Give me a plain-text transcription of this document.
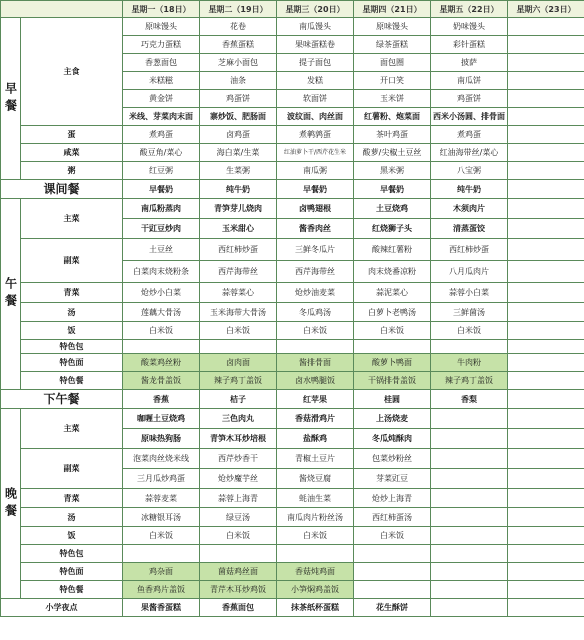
		星期一（18日）	星期二（19日）	星期三（20日）	星期四（21日）	星期五（22日）	星期六（23日）	
早餐	主食	原味馒头	花卷	南瓜馒头	原味馒头	奶味馒头		
		巧克力蛋糕	香蕉蛋糕	果味蛋糕卷	绿茶蛋糕	彩针蛋糕		
		香葱面包	芝麻小面包	提子面包	面包圈	披萨		
		米糕糍	油条	发糕	开口笑	南瓜饼		
		黄金饼	鸡蛋饼	软面饼	玉米饼	鸡蛋饼		
		米线、芽菜肉末面	寨炒饭、肥肠面	波纹面、肉丝面	红薯粉、炮菜面	西米小汤圆、排骨面		
	蛋	煮鸡蛋	卤鸡蛋	煮鹌鹑蛋	茶叶鸡蛋	煮鸡蛋		
	咸菜	酸豆角/菜心	海白菜/生菜	红油萝卜干/西芹花生米	酸萝/尖椒土豆丝	红油海带丝/菜心		
	粥	红豆粥	生菜粥	南瓜粥	黑米粥	八宝粥		
课间餐		早餐奶	纯牛奶	早餐奶	早餐奶	纯牛奶		
午餐	主菜	南瓜粉蒸肉	青笋芽儿烧肉	卤鸭翅根	土豆烧鸡	木须肉片		
		干豇豆炒肉	玉米甜心	酱香肉丝	红烧狮子头	清蒸蛋饺		
	副菜	土豆丝	西红柿炒蛋	三鲜冬瓜片	酸辣红薯粉	西红柿炒蛋		
		白菜肉末烧粉条	西芹海带丝	西芹海带丝	肉末烧番凉粉	八月瓜肉片		
	青菜	炝炒小白菜	蒜蓉菜心	炝炒油麦菜	蒜泥菜心	蒜蓉小白菜		
	汤	莲藕大骨汤	玉米海带大骨汤	冬瓜鸡汤	白萝卜老鸭汤	三鲜菌汤		
	饭	白米饭	白米饭	白米饭	白米饭	白米饭		
	特色包							
	特色面	酸菜鸡丝粉	卤肉面	酱排骨面	酸萝卜鸭面	牛肉粉		
	特色餐	酱龙骨盖饭	辣子鸡丁盖饭	卤水鸭腿饭	干锅排骨盖饭	辣子鸡丁盖饭		
下午餐		香蕉	桔子	红苹果	桂圆	香梨		
晚餐	主菜	咖喱土豆烧鸡	三色肉丸	香菇滑鸡片	上汤烧麦			
		原味热狗肠	青笋木耳炒培根	盐酥鸡	冬瓜炖酥肉			
	副菜	泡菜肉丝烧米线	西芹炒香干	青椒土豆片	包菜炒粉丝			
		三月瓜炒鸡蛋	炝炒魔芋丝	酱烧豆腐	芽菜豇豆			
	青菜	蒜蓉麦菜	蒜蓉上海青	蚝油生菜	炝炒上海青			
	汤	冰糖银耳汤	绿豆汤	南瓜肉片粉丝汤	西红柿蛋汤			
	饭	白米饭	白米饭	白米饭	白米饭			
	特色包							
	特色面	鸡杂面	菌菇鸡丝面	香菇炖鸡面				
	特色餐	鱼香鸡片盖饭	青芹木耳炒鸡饭	小笋焖鸡盖饭				
小学夜点		果酱香蛋糕	香蕉面包	抹茶纸杯蛋糕	花生酥饼			
